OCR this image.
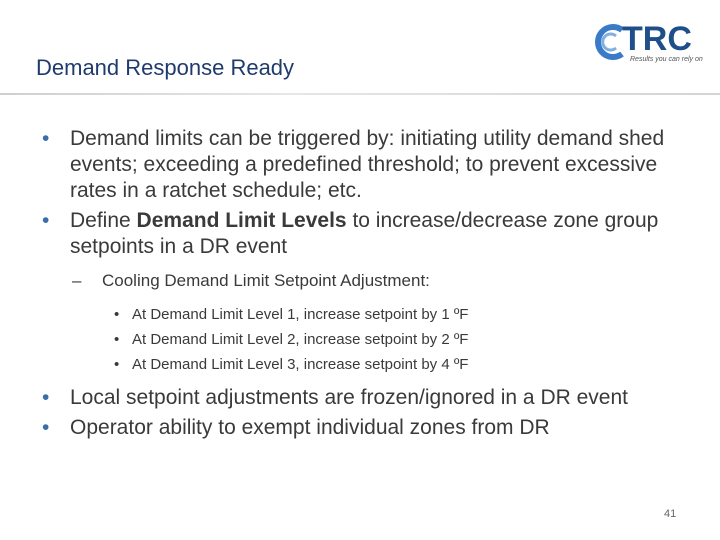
TRC
Results you can rely on
Demand Response Ready
• Demand limits can be triggered by: initiating utility demand shed events; exceeding a predefined threshold; to prevent excessive rates in a ratchet schedule; etc.
• Define Demand Limit Levels to increase/decrease zone group setpoints in a DR event
– Cooling Demand Limit Setpoint Adjustment:
• At Demand Limit Level 1, increase setpoint by 1 ºF
• At Demand Limit Level 2, increase setpoint by 2 ºF
• At Demand Limit Level 3, increase setpoint by 4 ºF
• Local setpoint adjustments are frozen/ignored in a DR event
• Operator ability to exempt individual zones from DR
41
